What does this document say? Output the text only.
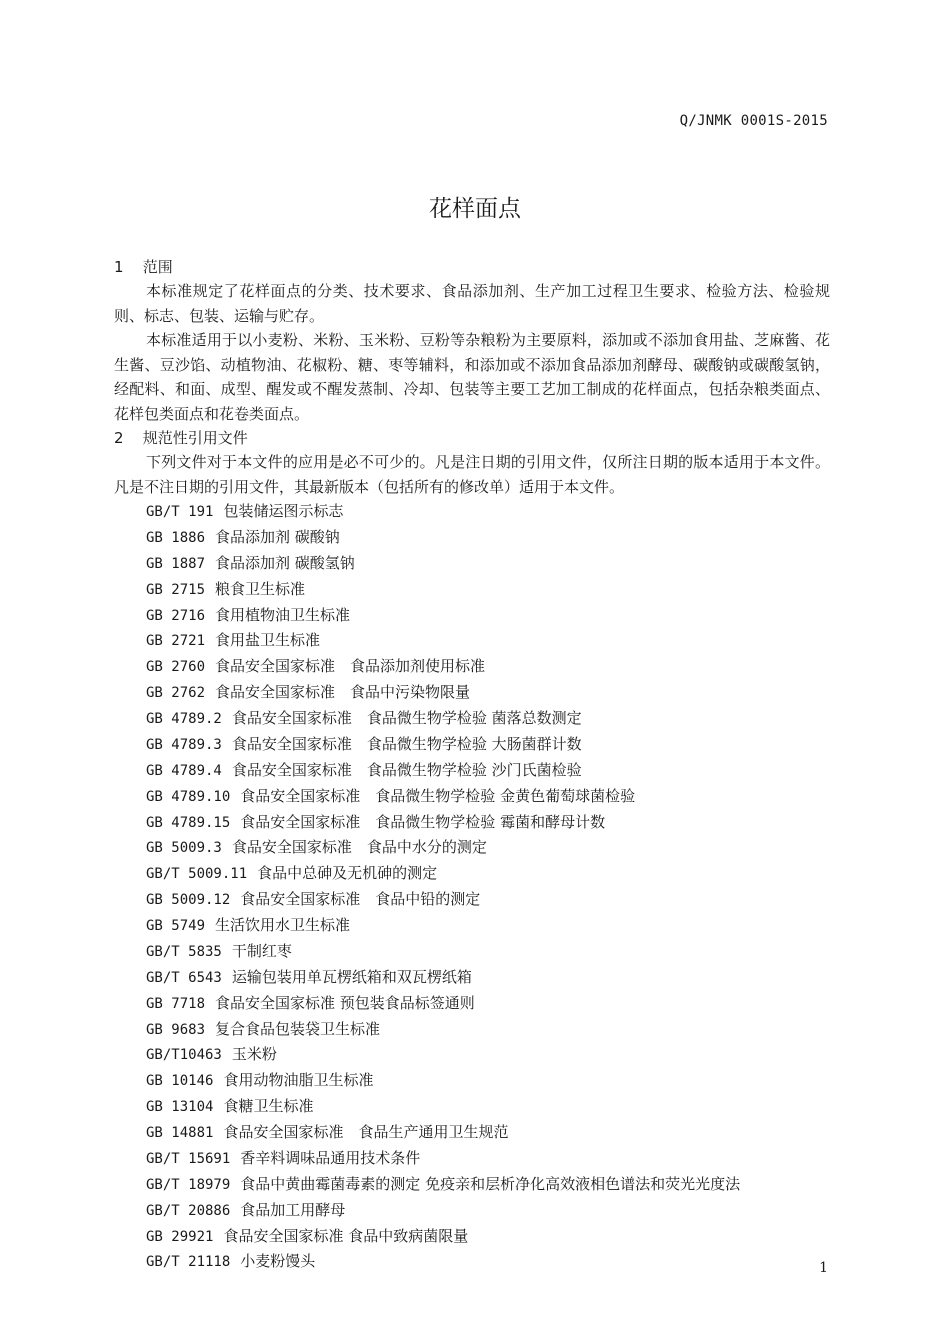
Q/JNMK 0001S-2015
花样面点
1 范围
本标准规定了花样面点的分类、技术要求、食品添加剂、生产加工过程卫生要求、检验方法、检验规则、标志、包装、运输与贮存。
本标准适用于以小麦粉、米粉、玉米粉、豆粉等杂粮粉为主要原料，添加或不添加食用盐、芝麻酱、花生酱、豆沙馅、动植物油、花椒粉、糖、枣等辅料，和添加或不添加食品添加剂酵母、碳酸钠或碳酸氢钠，经配料、和面、成型、醒发或不醒发蒸制、冷却、包装等主要工艺加工制成的花样面点，包括杂粮类面点、花样包类面点和花卷类面点。
2 规范性引用文件
下列文件对于本文件的应用是必不可少的。凡是注日期的引用文件，仅所注日期的版本适用于本文件。凡是不注日期的引用文件，其最新版本（包括所有的修改单）适用于本文件。
GB/T 191 包装储运图示标志
GB 1886 食品添加剂 碳酸钠
GB 1887 食品添加剂 碳酸氢钠
GB 2715 粮食卫生标准
GB 2716 食用植物油卫生标准
GB 2721 食用盐卫生标准
GB 2760 食品安全国家标准　食品添加剂使用标准
GB 2762 食品安全国家标准　食品中污染物限量
GB 4789.2 食品安全国家标准　食品微生物学检验 菌落总数测定
GB 4789.3 食品安全国家标准　食品微生物学检验 大肠菌群计数
GB 4789.4 食品安全国家标准　食品微生物学检验 沙门氏菌检验
GB 4789.10 食品安全国家标准　食品微生物学检验 金黄色葡萄球菌检验
GB 4789.15 食品安全国家标准　食品微生物学检验 霉菌和酵母计数
GB 5009.3 食品安全国家标准　食品中水分的测定
GB/T 5009.11 食品中总砷及无机砷的测定
GB 5009.12 食品安全国家标准　食品中铅的测定
GB 5749 生活饮用水卫生标准
GB/T 5835 干制红枣
GB/T 6543 运输包装用单瓦楞纸箱和双瓦楞纸箱
GB 7718 食品安全国家标准 预包装食品标签通则
GB 9683 复合食品包装袋卫生标准
GB/T10463 玉米粉
GB 10146 食用动物油脂卫生标准
GB 13104 食糖卫生标准
GB 14881 食品安全国家标准　食品生产通用卫生规范
GB/T 15691 香辛料调味品通用技术条件
GB/T 18979 食品中黄曲霉菌毒素的测定 免疫亲和层析净化高效液相色谱法和荧光光度法
GB/T 20886 食品加工用酵母
GB 29921 食品安全国家标准 食品中致病菌限量
GB/T 21118 小麦粉馒头	1
